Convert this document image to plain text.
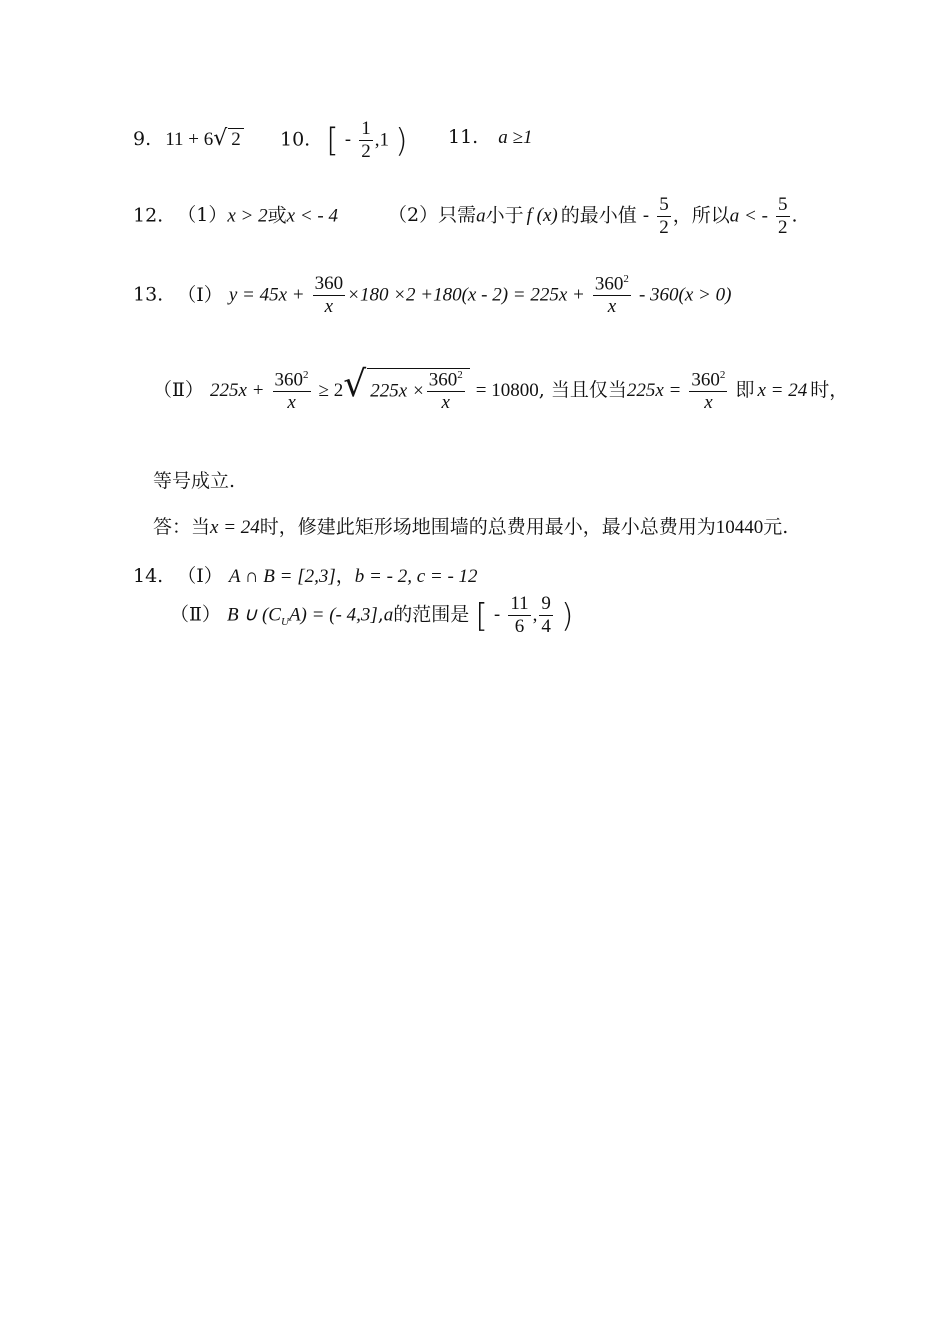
9. 11 + 6√ 2 10. [ - $\frac{1}{2} ,1$ ) 11. a ≥1
12. （1）x > 2或x < - 4	（2）只需a小于 f (x) 的最小值 - $\frac{5}{2}$ ，所以a < - $\frac{5}{2}$ .
13. （Ⅰ） $y = 45x + \frac{360}{x} \times 180 \times 2 +180(x - 2) = 225x + \frac{360^2}{x} - 360(x > 0)$
（Ⅱ） $225x + \frac{360^2}{x} \ge 2√$ $225x \times \frac{360^2}{x} = 10800$, 当且仅当$225x = \frac{360^2}{x}$ 即 x = 24 时，
等号成立.
答：当x = 24时，修建此矩形场地围墙的总费用最小，最小总费用为10440元.
14. （Ⅰ） A ∩ B = [2,3]，b = - 2, c = - 12
（Ⅱ） B ∪ $(C_UA)$ = (- 4,3],a的范围是 [ - $\frac{11}{6}$ , $\frac{9}{4}$ )
